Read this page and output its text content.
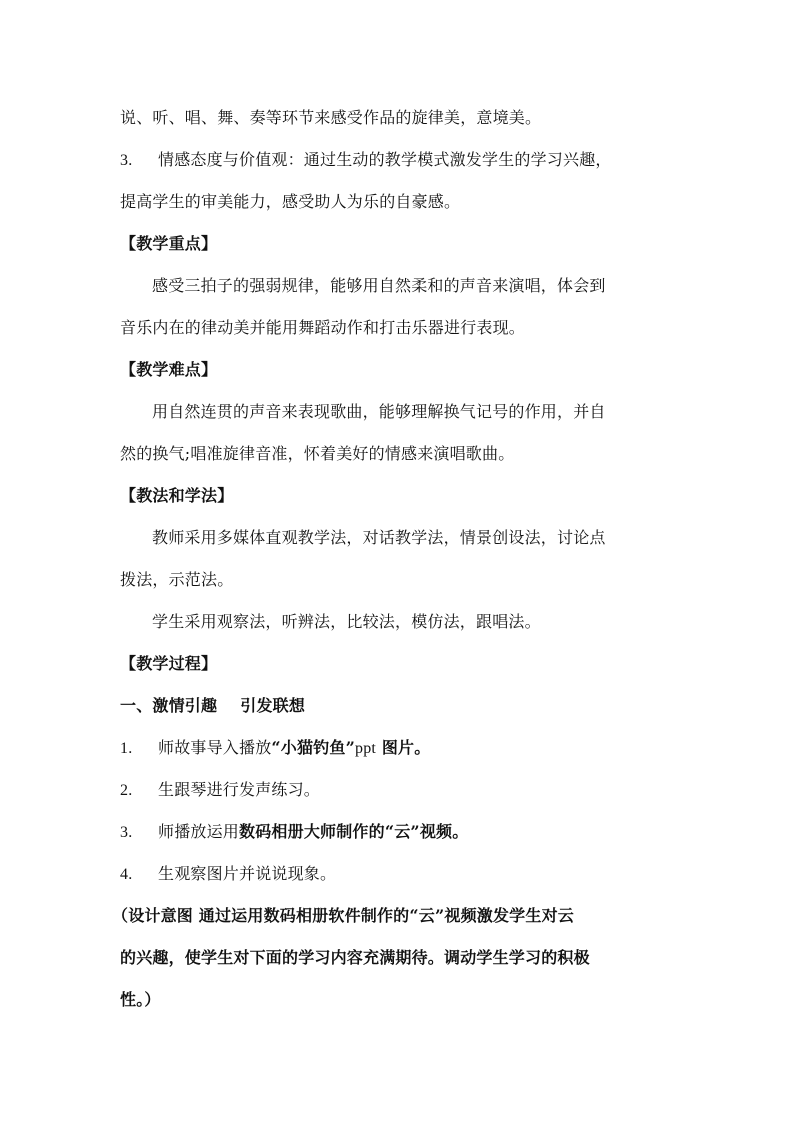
说、听、唱、舞、奏等环节来感受作品的旋律美，意境美。
3. 情感态度与价值观：通过生动的教学模式激发学生的学习兴趣，
提高学生的审美能力，感受助人为乐的自豪感。
【教学重点】
感受三拍子的强弱规律，能够用自然柔和的声音来演唱，体会到
音乐内在的律动美并能用舞蹈动作和打击乐器进行表现。
【教学难点】
用自然连贯的声音来表现歌曲，能够理解换气记号的作用，并自
然的换气;唱准旋律音准，怀着美好的情感来演唱歌曲。
【教法和学法】
教师采用多媒体直观教学法，对话教学法，情景创设法，讨论点
拨法，示范法。
学生采用观察法，听辨法，比较法，模仿法，跟唱法。
【教学过程】
一、激情引趣    引发联想
1. 师故事导入播放“小猫钓鱼”ppt 图片。
2. 生跟琴进行发声练习。
3. 师播放运用数码相册大师制作的“云”视频。
4. 生观察图片并说说现象。
（设计意图 通过运用数码相册软件制作的“云”视频激发学生对云
的兴趣，使学生对下面的学习内容充满期待。调动学生学习的积极
性。）
